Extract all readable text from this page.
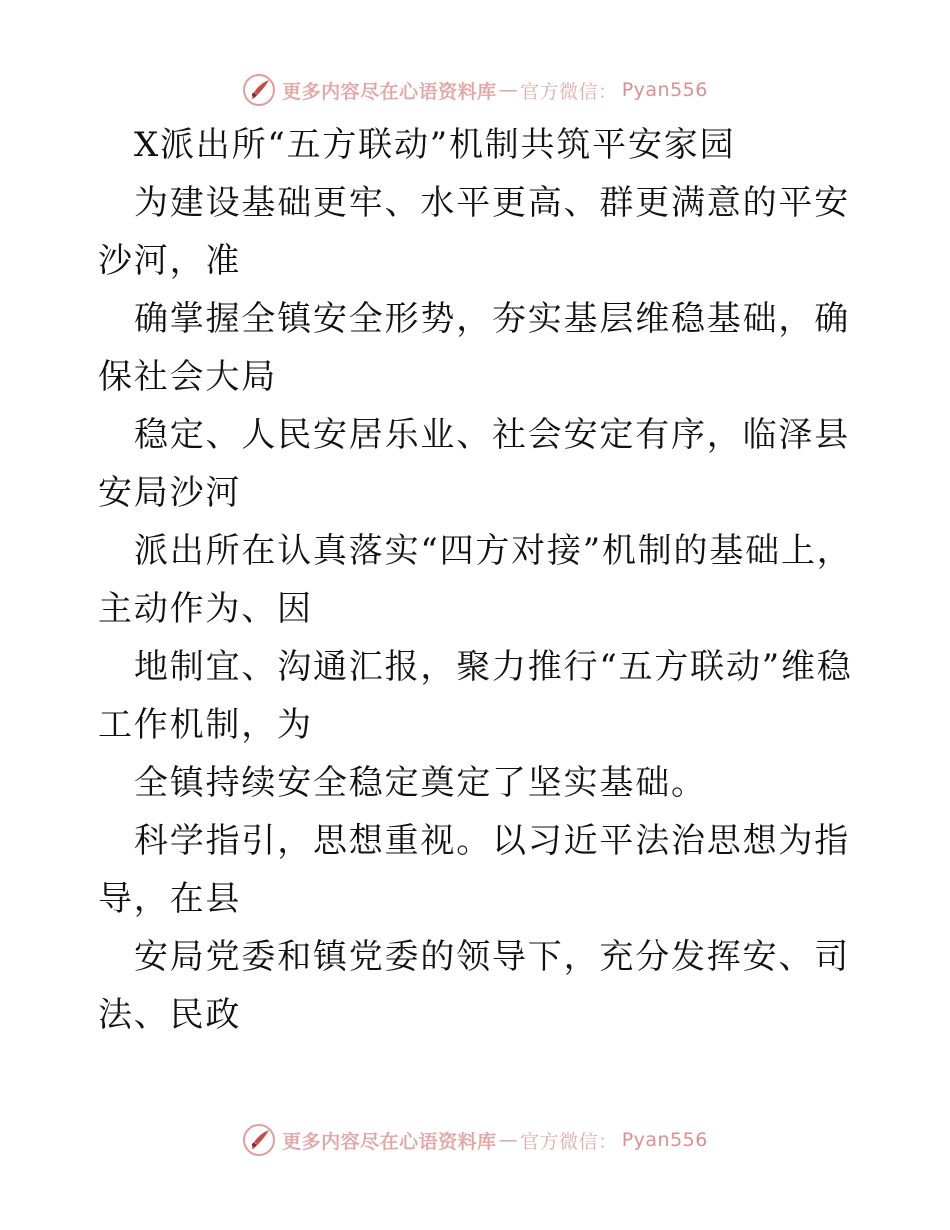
更多内容尽在心语资料库 — 官方微信： Pyan556

X派出所“五方联动”机制共筑平安家园

为建设基础更牢、水平更高、群更满意的平安沙河，准

确掌握全镇安全形势，夯实基层维稳基础，确保社会大局

稳定、人民安居乐业、社会安定有序，临泽县安局沙河

派出所在认真落实“四方对接”机制的基础上，主动作为、因

地制宜、沟通汇报，聚力推行“五方联动”维稳工作机制，为

全镇持续安全稳定奠定了坚实基础。

科学指引，思想重视。以习近平法治思想为指导，在县

安局党委和镇党委的领导下，充分发挥安、司法、民政

更多内容尽在心语资料库 — 官方微信： Pyan556
